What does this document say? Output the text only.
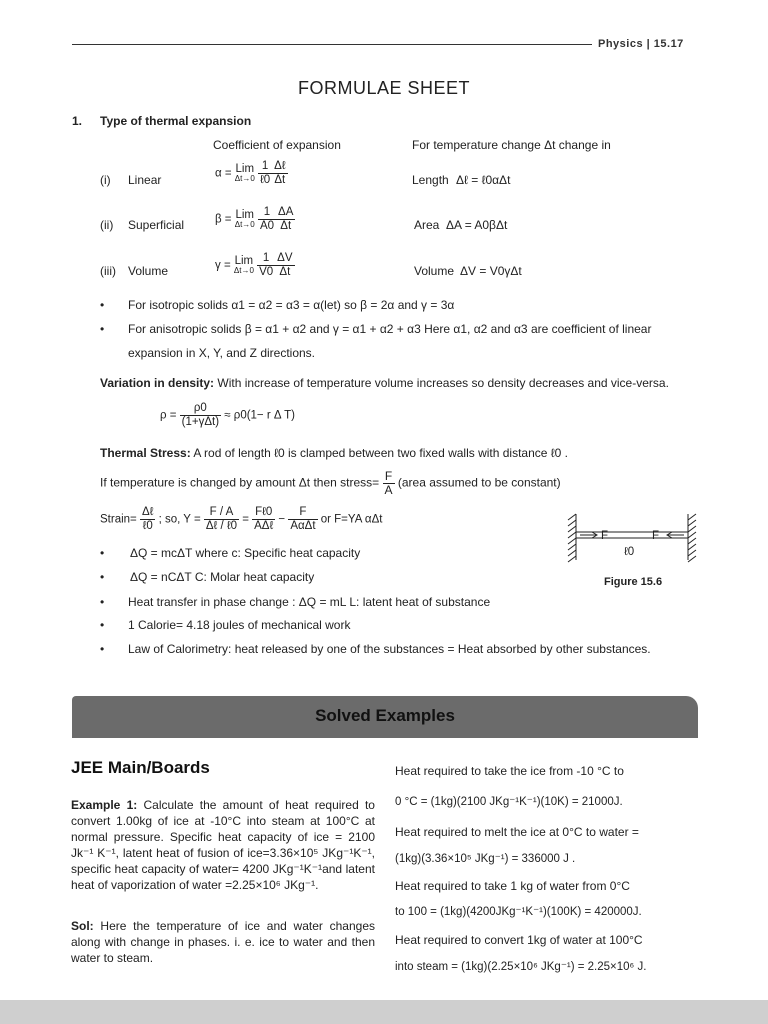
Physics | 15.17
FORMULAE SHEET
1. Type of thermal expansion
Coefficient of expansion	For temperature change Δt change in
(i) Linear	α = Lim
Δt→0
$\frac{1}{\text{ℓ0}} \frac{\text{Δℓ}}{\Delta t}$	Length Δℓ = ℓ0αΔt
(ii) Superficial	β = Lim
Δt→0
$\frac{1}{A0} \frac{\Delta A}{\Delta t}$	Area ΔA = A0βΔt
(iii) Volume	γ = Lim
Δt→0
$\frac{1}{V0} \frac{\Delta V}{\Delta t}$	Volume ΔV = V0γΔt
• For isotropic solids α1 = α2 = α3 = α(let) so β = 2α and γ = 3α
• For anisotropic solids β = α1 + α2 and γ = α1 + α2 + α3 Here α1, α2 and α3 are coefficient of linear
expansion in X, Y, and Z directions.
Variation in density: With increase of temperature volume increases so density decreases and vice-versa.
$\rho = \frac{\rho 0}{\text{(1+γΔt)}} \approx \rho 0(1- r$ Δ T)
Thermal Stress: A rod of length ℓ0 is clamped between two fixed walls with distance ℓ0 .
If temperature is changed by amount Δt then stress= $\frac{F}{A}$ (area assumed to be constant)
Strain= $\frac{\text{Δℓ}}{\text{ℓ0}}$ ; so, $Y = \frac{F / A}{\text{Δℓ / ℓ0}} = \frac{\text{Fℓ0}}{\text{AΔℓ}} - \frac{F}{\text{AαΔt}}$ or F=YA αΔt
• ΔQ = mcΔT where c: Specific heat capacity
• ΔQ = nCΔT C: Molar heat capacity
• Heat transfer in phase change : ΔQ = mL L: latent heat of substance
• 1 Calorie= 4.18 joules of mechanical work
• Law of Calorimetry: heat released by one of the substances = Heat absorbed by other substances.
F	F
ℓ0
Figure 15.6
Solved Examples
JEE Main/Boards
Example 1: Calculate the amount of heat required to convert 1.00kg of ice at -10°C into steam at 100°C at normal pressure. Specific heat capacity of ice = 2100 Jk⁻¹ K⁻¹, latent heat of fusion of ice=3.36×10⁵ JKg⁻¹K⁻¹, specific heat capacity of water= 4200 JKg⁻¹K⁻¹and latent heat of vaporization of water =2.25×10⁶ JKg⁻¹.
Sol: Here the temperature of ice and water changes along with change in phases. i. e. ice to water and then water to steam.
Heat required to take the ice from -10 °C to
0 °C = (1kg)(2100 JKg⁻¹K⁻¹)(10K) = 21000J.
Heat required to melt the ice at 0°C to water =
(1kg)(3.36×10⁵ JKg⁻¹) = 336000 J .
Heat required to take 1 kg of water from 0°C
to 100 = (1kg)(4200JKg⁻¹K⁻¹)(100K) = 420000J.
Heat required to convert 1kg of water at 100°C
into steam = (1kg)(2.25×10⁶ JKg⁻¹) = 2.25×10⁶ J.
